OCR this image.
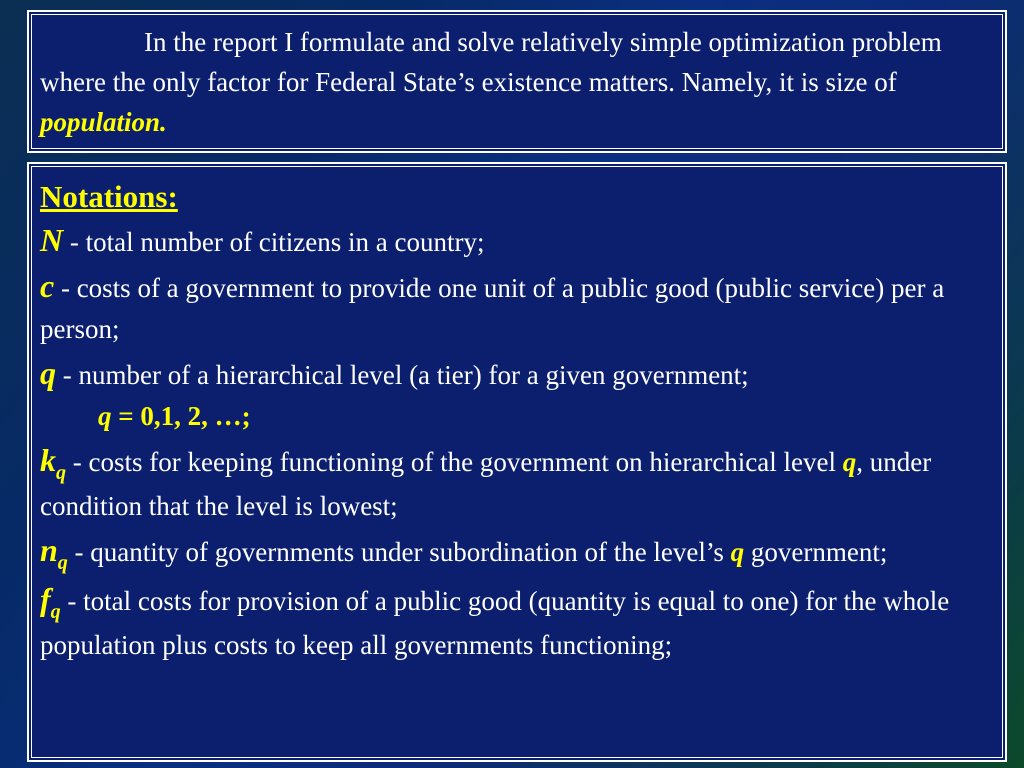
In the report I formulate and solve relatively simple optimization problem where the only factor for Federal State’s existence matters. Namely, it is size of population.

Notations:

N - total number of citizens in a country;

c - costs of a government to provide one unit of a public good (public service) per a person;

q - number of a hierarchical level (a tier) for a given government;
q = 0,1, 2, …;

$k_q$ - costs for keeping functioning of the government on hierarchical level q, under condition that the level is lowest;

$n_q$ - quantity of governments under subordination of the level’s q government;

$f_q$ - total costs for provision of a public good (quantity is equal to one) for the whole population plus costs to keep all governments functioning;
